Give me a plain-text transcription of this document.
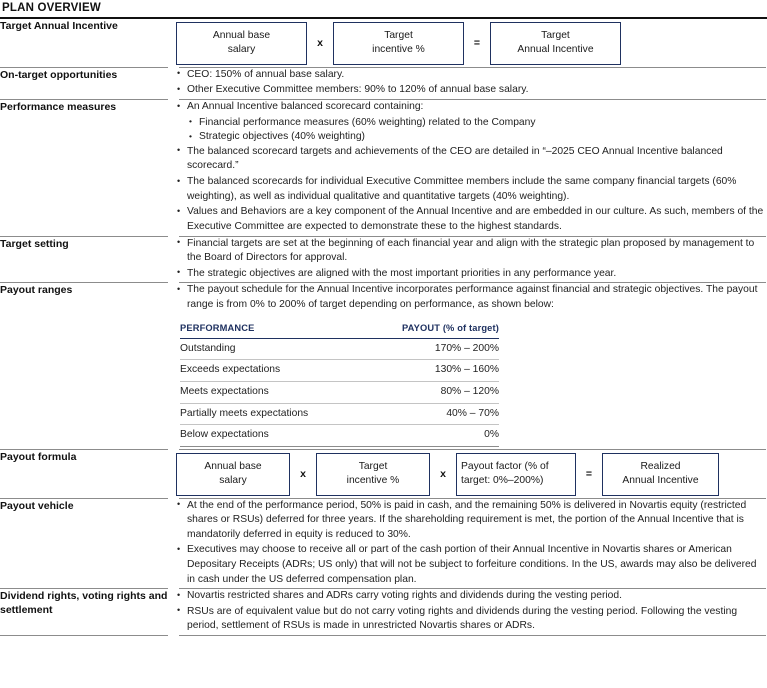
PLAN OVERVIEW
Target Annual Incentive	
Annual base
salary
x
Target
incentive %
=
Target
Annual Incentive

On-target opportunities	
•CEO: 150% of annual base salary.
• Other Executive Committee members: 90% to 120% of annual base salary.

Performance measures	
•An Annual Incentive balanced scorecard containing:
• Financial performance measures (60% weighting) related to the Company
• Strategic objectives (40% weighting)
• The balanced scorecard targets and achievements of the CEO are detailed in “–2025 CEO Annual Incentive balanced scorecard.”
• The balanced scorecards for individual Executive Committee members include the same company financial targets (60% weighting), as well as individual qualitative and quantitative targets (40% weighting).
• Values and Behaviors are a key component of the Annual Incentive and are embedded in our culture. As such, members of the Executive Committee are expected to demonstrate these to the highest standards.

Target setting	
•Financial targets are set at the beginning of each financial year and align with the strategic plan proposed by management to the Board of Directors for approval.
• The strategic objectives are aligned with the most important priorities in any performance year.

Payout ranges	
•The payout schedule for the Annual Incentive incorporates performance against financial and strategic objectives. The payout range is from 0% to 200% of target depending on performance, as shown below:
PERFORMANCE	PAYOUT (% of target)
Outstanding	170% – 200%
Exceeds expectations	130% – 160%
Meets expectations	80% – 120%
Partially meets expectations	40% – 70%
Below expectations	0%

Payout formula	
Annual base
salary
x
Target
incentive %
x
Payout factor (% of
target: 0%–200%)
=
Realized
Annual Incentive

Payout vehicle	
•At the end of the performance period, 50% is paid in cash, and the remaining 50% is delivered in Novartis equity (restricted shares or RSUs) deferred for three years. If the shareholding requirement is met, the portion of the Annual Incentive that is mandatorily deferred in equity is reduced to 30%.
• Executives may choose to receive all or part of the cash portion of their Annual Incentive in Novartis shares or American Depositary Receipts (ADRs; US only) that will not be subject to forfeiture conditions. In the US, awards may also be delivered in cash under the US deferred compensation plan.

Dividend rights, voting rights and settlement	
• Novartis restricted shares and ADRs carry voting rights and dividends during the vesting period.
• RSUs are of equivalent value but do not carry voting rights and dividends during the vesting period. Following the vesting period, settlement of RSUs is made in unrestricted Novartis shares or ADRs.
